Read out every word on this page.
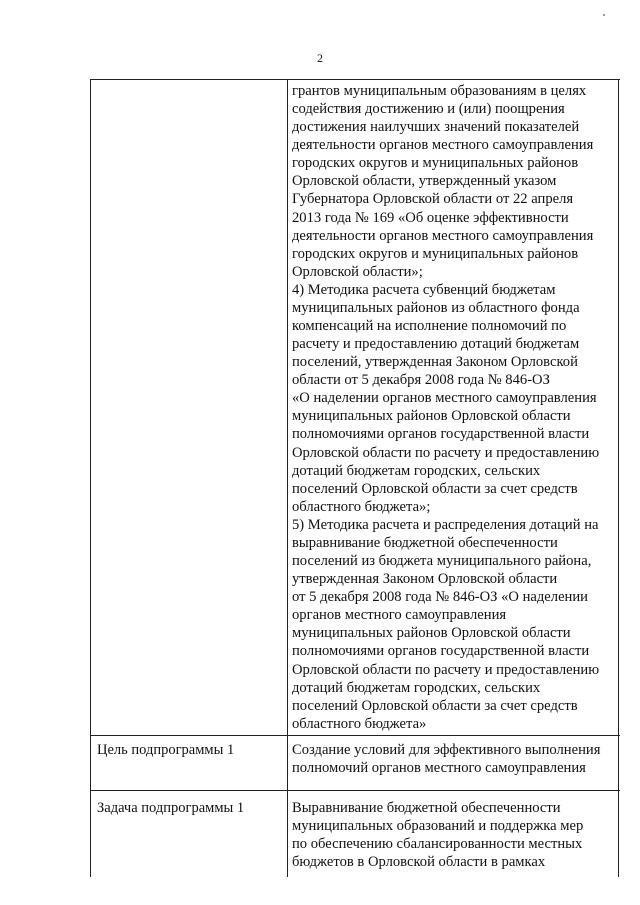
2
грантов муниципальным образованиям в целях
содействия достижению и (или) поощрения
достижения наилучших значений показателей
деятельности органов местного самоуправления
городских округов и муниципальных районов
Орловской области, утвержденный указом
Губернатора Орловской области от 22 апреля
2013 года № 169 «Об оценке эффективности
деятельности органов местного самоуправления
городских округов и муниципальных районов
Орловской области»;
4) Методика расчета субвенций бюджетам
муниципальных районов из областного фонда
компенсаций на исполнение полномочий по
расчету и предоставлению дотаций бюджетам
поселений, утвержденная Законом Орловской
области от 5 декабря 2008 года № 846-ОЗ
«О наделении органов местного самоуправления
муниципальных районов Орловской области
полномочиями органов государственной власти
Орловской области по расчету и предоставлению
дотаций бюджетам городских, сельских
поселений Орловской области за счет средств
областного бюджета»;
5) Методика расчета и распределения дотаций на
выравнивание бюджетной обеспеченности
поселений из бюджета муниципального района,
утвержденная Законом Орловской области
от 5 декабря 2008 года № 846-ОЗ «О наделении
органов местного самоуправления
муниципальных районов Орловской области
полномочиями органов государственной власти
Орловской области по расчету и предоставлению
дотаций бюджетам городских, сельских
поселений Орловской области за счет средств
областного бюджета»
Цель подпрограммы 1	Создание условий для эффективного выполнения
полномочий органов местного самоуправления
Задача подпрограммы 1	Выравнивание бюджетной обеспеченности
муниципальных образований и поддержка мер
по обеспечению сбалансированности местных
бюджетов в Орловской области в рамках
